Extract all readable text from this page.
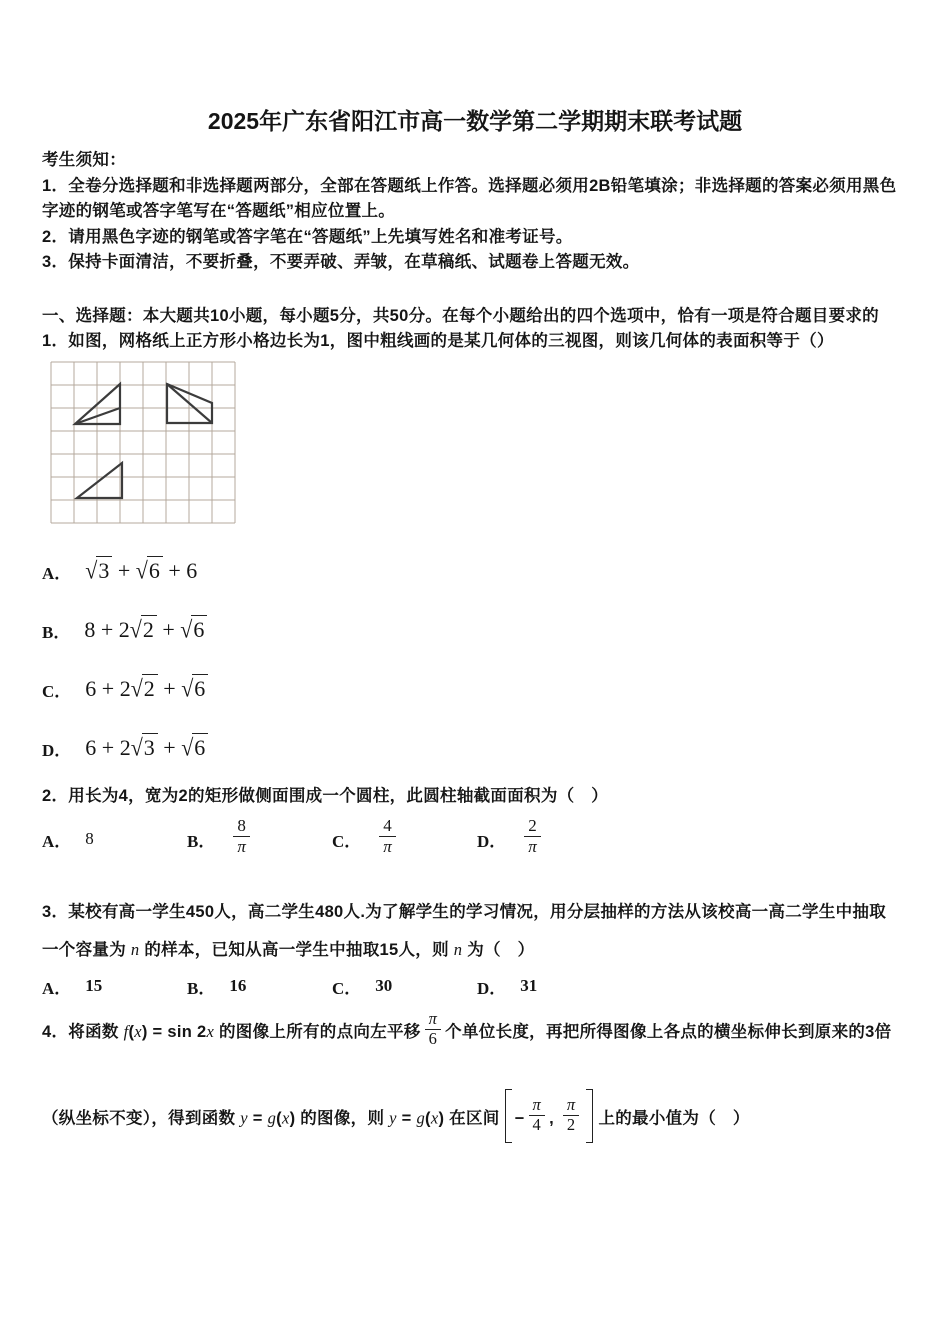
2025年广东省阳江市高一数学第二学期期末联考试题
考生须知：
1．全卷分选择题和非选择题两部分，全部在答题纸上作答。选择题必须用2B铅笔填涂；非选择题的答案必须用黑色
字迹的钢笔或答字笔写在“答题纸”相应位置上。
2．请用黑色字迹的钢笔或答字笔在“答题纸”上先填写姓名和准考证号。
3．保持卡面清洁，不要折叠，不要弄破、弄皱，在草稿纸、试题卷上答题无效。
一、选择题：本大题共10小题，每小题5分，共50分。在每个小题给出的四个选项中，恰有一项是符合题目要求的
1．如图，网格纸上正方形小格边长为1，图中粗线画的是某几何体的三视图，则该几何体的表面积等于（）
A． √3 + √6 + 6
B． 8 + 2√2 + √6
C． 6 + 2√2 + √6
D． 6 + 2√3 + √6
2．用长为4，宽为2的矩形做侧面围成一个圆柱，此圆柱轴截面面积为（　）
A． 8	B． $\frac{8}{\pi}$	C． $\frac{4}{\pi}$	D． $\frac{2}{\pi}$
3．某校有高一学生450人，高二学生480人.为了解学生的学习情况，用分层抽样的方法从该校高一高二学生中抽取
一个容量为 n 的样本，已知从高一学生中抽取15人，则 n 为（　）
A． 15	B． 16	C． 30	D． 31
4．将函数 f(x) = sin 2x 的图像上所有的点向左平移 $\frac{\pi}{6}$ 个单位长度，再把所得图像上各点的横坐标伸长到原来的3倍
（纵坐标不变），得到函数 y = g(x) 的图像，则 y = g(x) 在区间 − $\frac{\pi}{4}$ , $\frac{\pi}{2}$ 上的最小值为（　）
